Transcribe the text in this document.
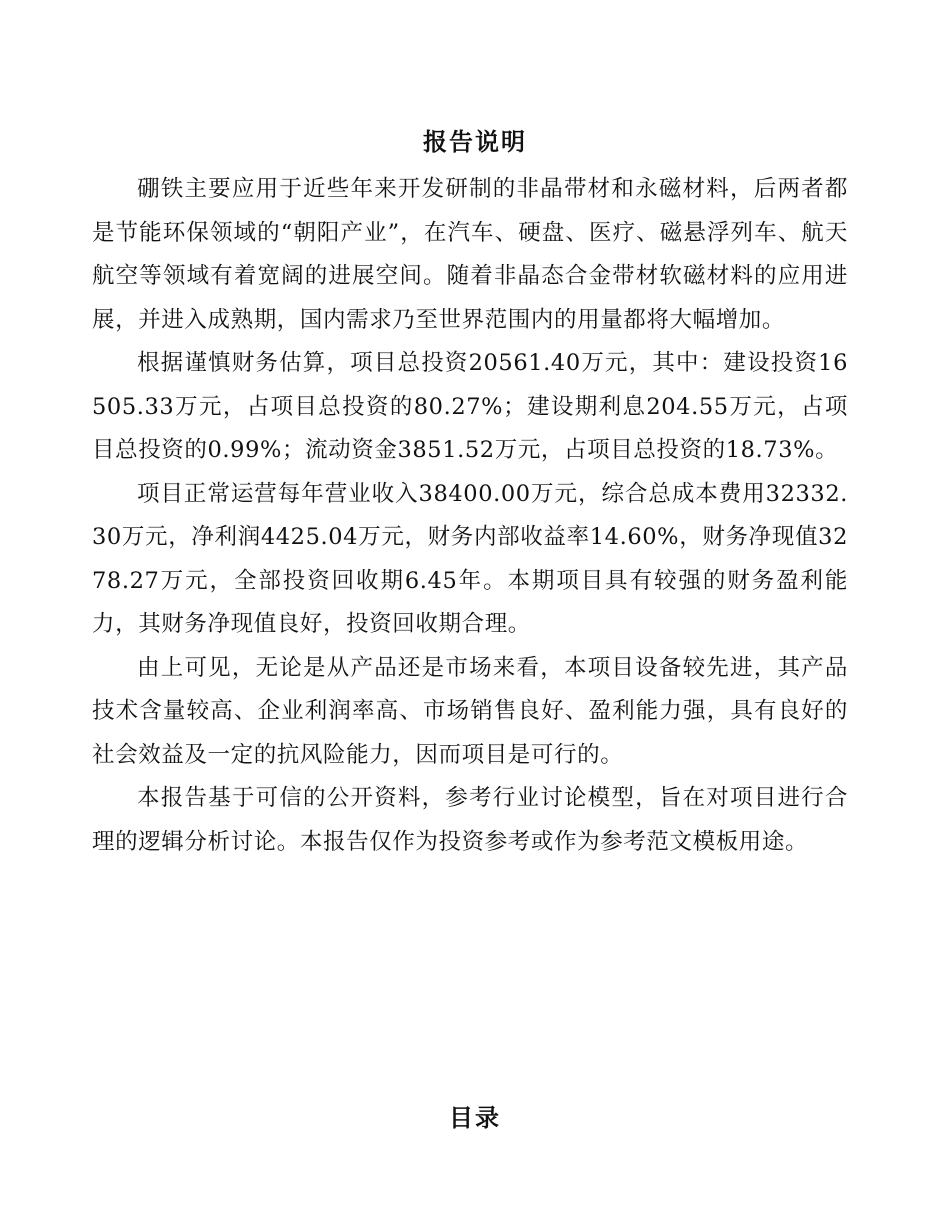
报告说明

硼铁主要应用于近些年来开发研制的非晶带材和永磁材料，后两者都是节能环保领域的“朝阳产业”，在汽车、硬盘、医疗、磁悬浮列车、航天航空等领域有着宽阔的进展空间。随着非晶态合金带材软磁材料的应用进展，并进入成熟期，国内需求乃至世界范围内的用量都将大幅增加。

根据谨慎财务估算，项目总投资20561.40万元，其中：建设投资16505.33万元，占项目总投资的80.27%；建设期利息204.55万元，占项目总投资的0.99%；流动资金3851.52万元，占项目总投资的18.73%。

项目正常运营每年营业收入38400.00万元，综合总成本费用32332.30万元，净利润4425.04万元，财务内部收益率14.60%，财务净现值3278.27万元，全部投资回收期6.45年。本期项目具有较强的财务盈利能力，其财务净现值良好，投资回收期合理。

由上可见，无论是从产品还是市场来看，本项目设备较先进，其产品技术含量较高、企业利润率高、市场销售良好、盈利能力强，具有良好的社会效益及一定的抗风险能力，因而项目是可行的。

本报告基于可信的公开资料，参考行业讨论模型，旨在对项目进行合理的逻辑分析讨论。本报告仅作为投资参考或作为参考范文模板用途。

目录
